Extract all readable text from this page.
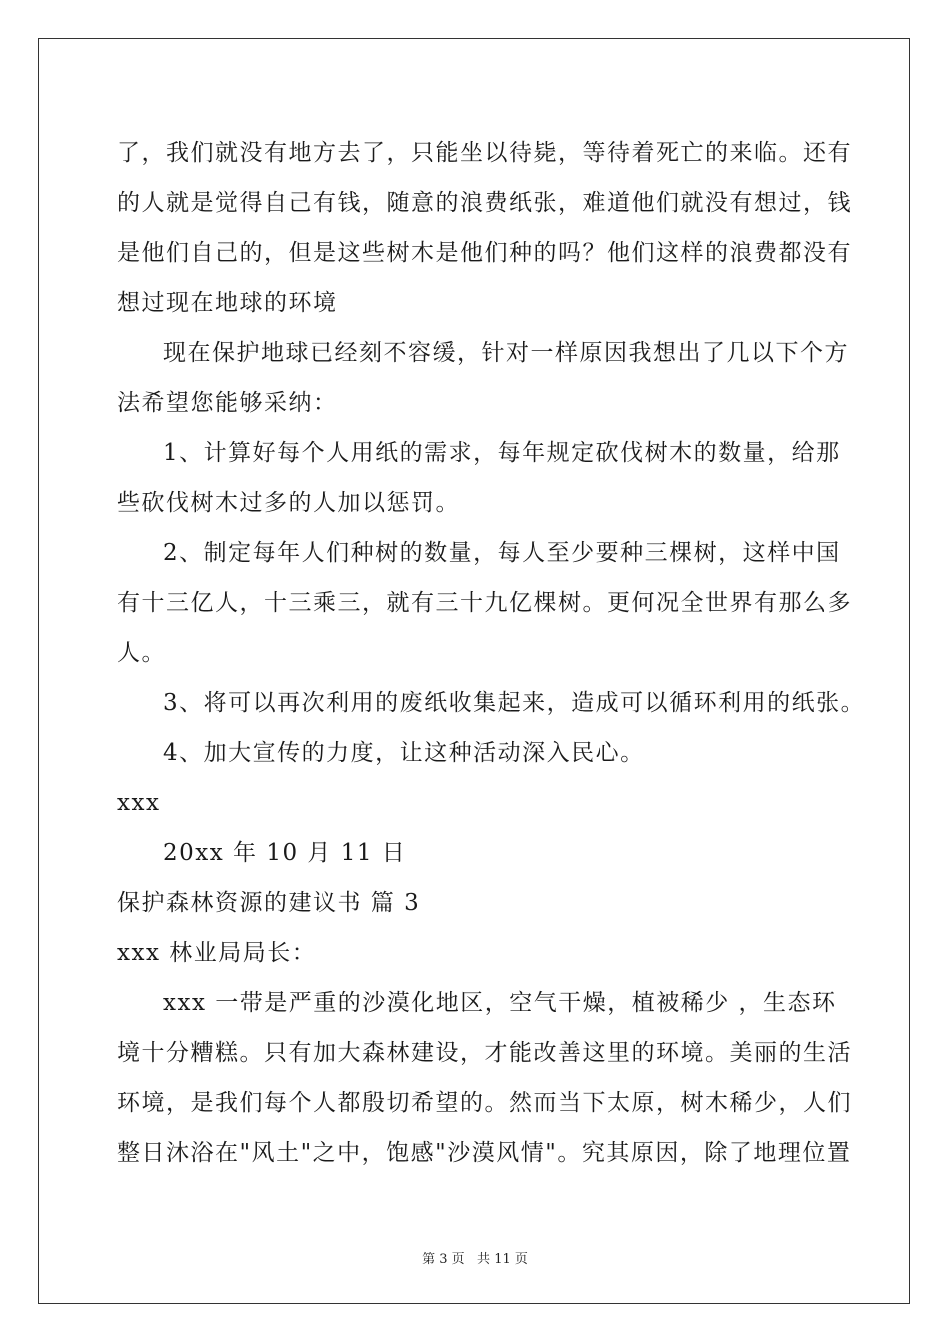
了，我们就没有地方去了，只能坐以待毙，等待着死亡的来临。还有
的人就是觉得自己有钱，随意的浪费纸张，难道他们就没有想过，钱
是他们自己的，但是这些树木是他们种的吗？他们这样的浪费都没有
想过现在地球的环境
现在保护地球已经刻不容缓，针对一样原因我想出了几以下个方
法希望您能够采纳：
1、计算好每个人用纸的需求，每年规定砍伐树木的数量，给那
些砍伐树木过多的人加以惩罚。
2、制定每年人们种树的数量，每人至少要种三棵树，这样中国
有十三亿人，十三乘三，就有三十九亿棵树。更何况全世界有那么多
人。
3、将可以再次利用的废纸收集起来，造成可以循环利用的纸张。
4、加大宣传的力度，让这种活动深入民心。
xxx
20xx 年 10 月 11 日
保护森林资源的建议书 篇 3
xxx 林业局局长：
xxx 一带是严重的沙漠化地区，空气干燥，植被稀少 ，生态环
境十分糟糕。只有加大森林建设，才能改善这里的环境。美丽的生活
环境，是我们每个人都殷切希望的。然而当下太原，树木稀少，人们
整日沐浴在"风土"之中，饱感"沙漠风情"。究其原因，除了地理位置
第 3 页   共 11 页
